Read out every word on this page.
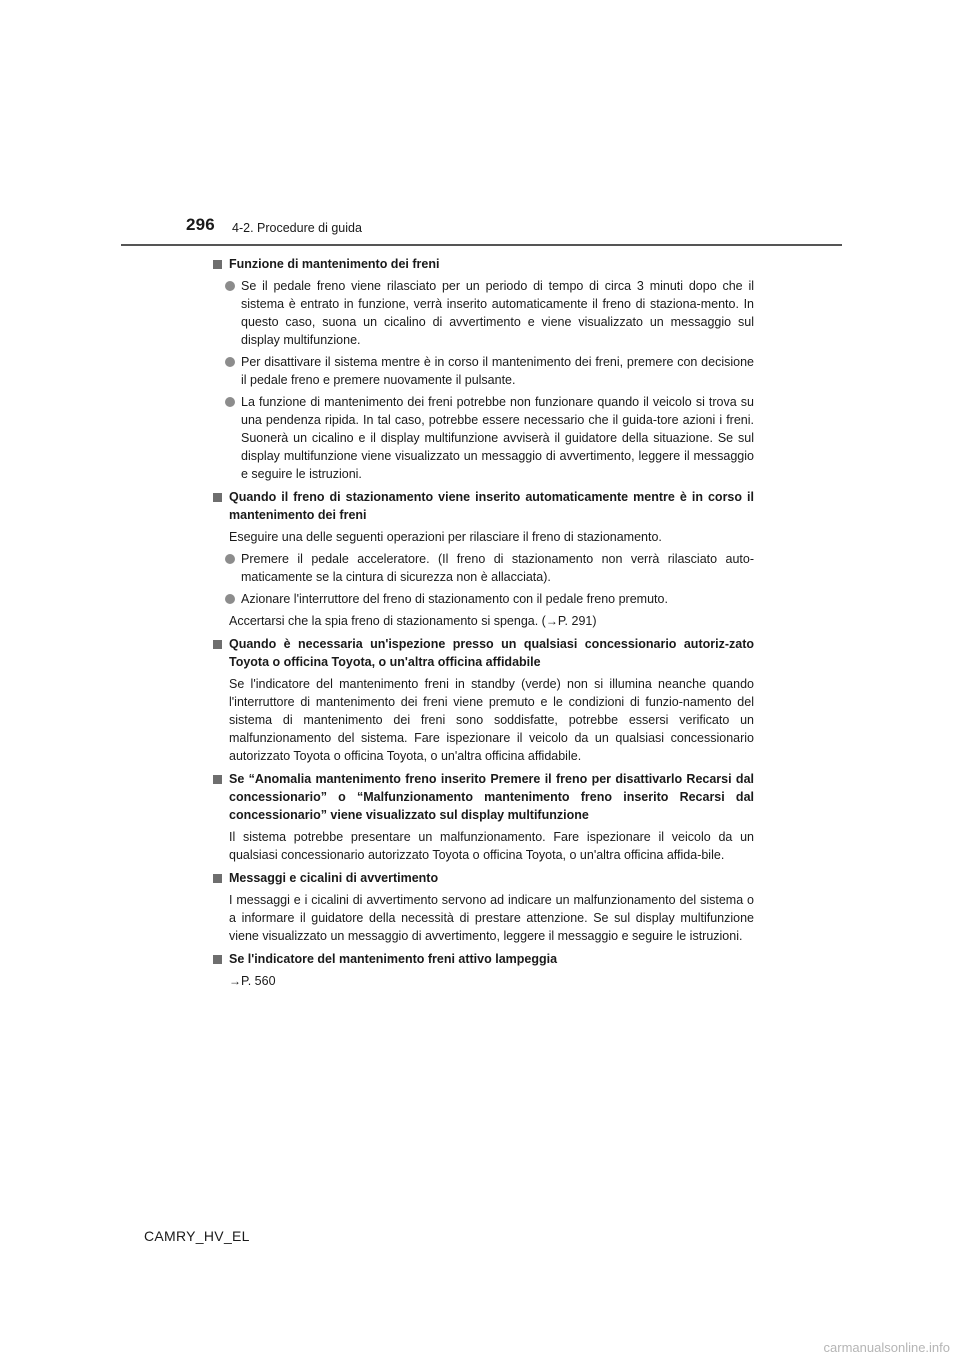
296 4-2. Procedure di guida
Funzione di mantenimento dei freni
Se il pedale freno viene rilasciato per un periodo di tempo di circa 3 minuti dopo che il sistema è entrato in funzione, verrà inserito automaticamente il freno di staziona-mento. In questo caso, suona un cicalino di avvertimento e viene visualizzato un messaggio sul display multifunzione.
Per disattivare il sistema mentre è in corso il mantenimento dei freni, premere con decisione il pedale freno e premere nuovamente il pulsante.
La funzione di mantenimento dei freni potrebbe non funzionare quando il veicolo si trova su una pendenza ripida. In tal caso, potrebbe essere necessario che il guida-tore azioni i freni. Suonerà un cicalino e il display multifunzione avviserà il guidatore della situazione. Se sul display multifunzione viene visualizzato un messaggio di avvertimento, leggere il messaggio e seguire le istruzioni.
Quando il freno di stazionamento viene inserito automaticamente mentre è in corso il mantenimento dei freni
Eseguire una delle seguenti operazioni per rilasciare il freno di stazionamento.
Premere il pedale acceleratore. (Il freno di stazionamento non verrà rilasciato auto-maticamente se la cintura di sicurezza non è allacciata).
Azionare l'interruttore del freno di stazionamento con il pedale freno premuto.
Accertarsi che la spia freno di stazionamento si spenga. (→P. 291)
Quando è necessaria un'ispezione presso un qualsiasi concessionario autoriz-zato Toyota o officina Toyota, o un'altra officina affidabile
Se l'indicatore del mantenimento freni in standby (verde) non si illumina neanche quando l'interruttore di mantenimento dei freni viene premuto e le condizioni di funzio-namento del sistema di mantenimento dei freni sono soddisfatte, potrebbe essersi verificato un malfunzionamento del sistema. Fare ispezionare il veicolo da un qualsiasi concessionario autorizzato Toyota o officina Toyota, o un'altra officina affidabile.
Se “Anomalia mantenimento freno inserito Premere il freno per disattivarlo Recarsi dal concessionario” o “Malfunzionamento mantenimento freno inserito Recarsi dal concessionario” viene visualizzato sul display multifunzione
Il sistema potrebbe presentare un malfunzionamento. Fare ispezionare il veicolo da un qualsiasi concessionario autorizzato Toyota o officina Toyota, o un'altra officina affida-bile.
Messaggi e cicalini di avvertimento
I messaggi e i cicalini di avvertimento servono ad indicare un malfunzionamento del sistema o a informare il guidatore della necessità di prestare attenzione. Se sul display multifunzione viene visualizzato un messaggio di avvertimento, leggere il messaggio e seguire le istruzioni.
Se l'indicatore del mantenimento freni attivo lampeggia
→P. 560
CAMRY_HV_EL
carmanualsonline.info
